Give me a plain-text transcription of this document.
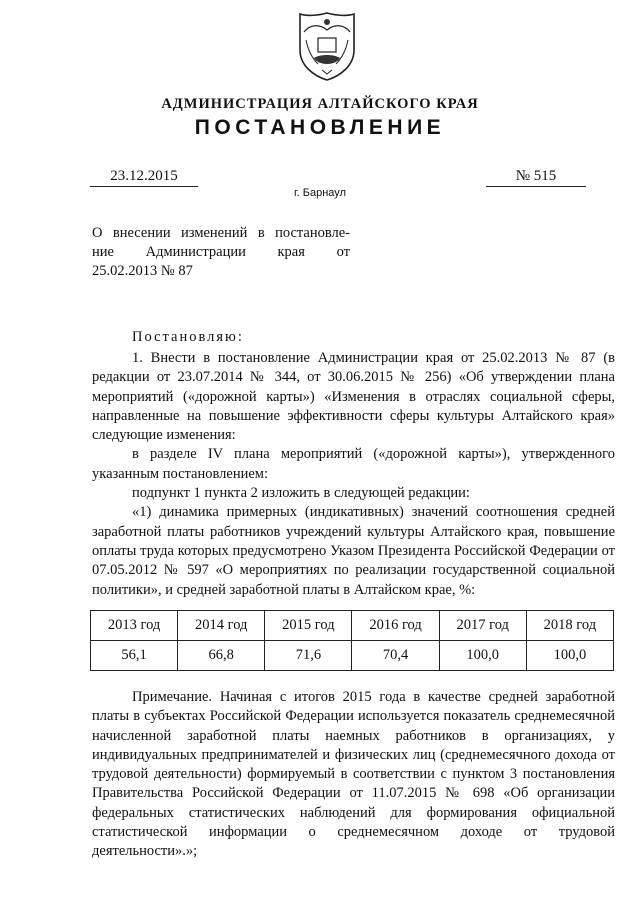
АДМИНИСТРАЦИЯ АЛТАЙСКОГО КРАЯ
ПОСТАНОВЛЕНИЕ
23.12.2015	№ 515
г. Барнаул
О внесении изменений в постановле-
ние Администрации края от
25.02.2013 № 87
Постановляю:

1. Внести в постановление Администрации края от 25.02.2013 № 87 (в редакции от 23.07.2014 № 344, от 30.06.2015 № 256) «Об утверждении плана мероприятий («дорожной карты») «Изменения в отраслях социальной сферы, направленные на повышение эффективности сферы культуры Алтайского края» следующие изменения:

в разделе IV плана мероприятий («дорожной карты»), утвержденного указанным постановлением:

подпункт 1 пункта 2 изложить в следующей редакции:

«1) динамика примерных (индикативных) значений соотношения средней заработной платы работников учреждений культуры Алтайского края, повышение оплаты труда которых предусмотрено Указом Президента Российской Федерации от 07.05.2012 № 597 «О мероприятиях по реализации государственной социальной политики», и средней заработной платы в Алтайском крае, %:

2013 год	2014 год	2015 год	2016 год	2017 год	2018 год
56,1	66,8	71,6	70,4	100,0	100,0

Примечание. Начиная с итогов 2015 года в качестве средней заработной платы в субъектах Российской Федерации используется показатель среднемесячной начисленной заработной платы наемных работников в организациях, у индивидуальных предпринимателей и физических лиц (среднемесячного дохода от трудовой деятельности) формируемый в соответствии с пунктом 3 постановления Правительства Российской Федерации от 11.07.2015 № 698 «Об организации федеральных статистических наблюдений для формирования официальной статистической информации о среднемесячном доходе от трудовой деятельности».»;
